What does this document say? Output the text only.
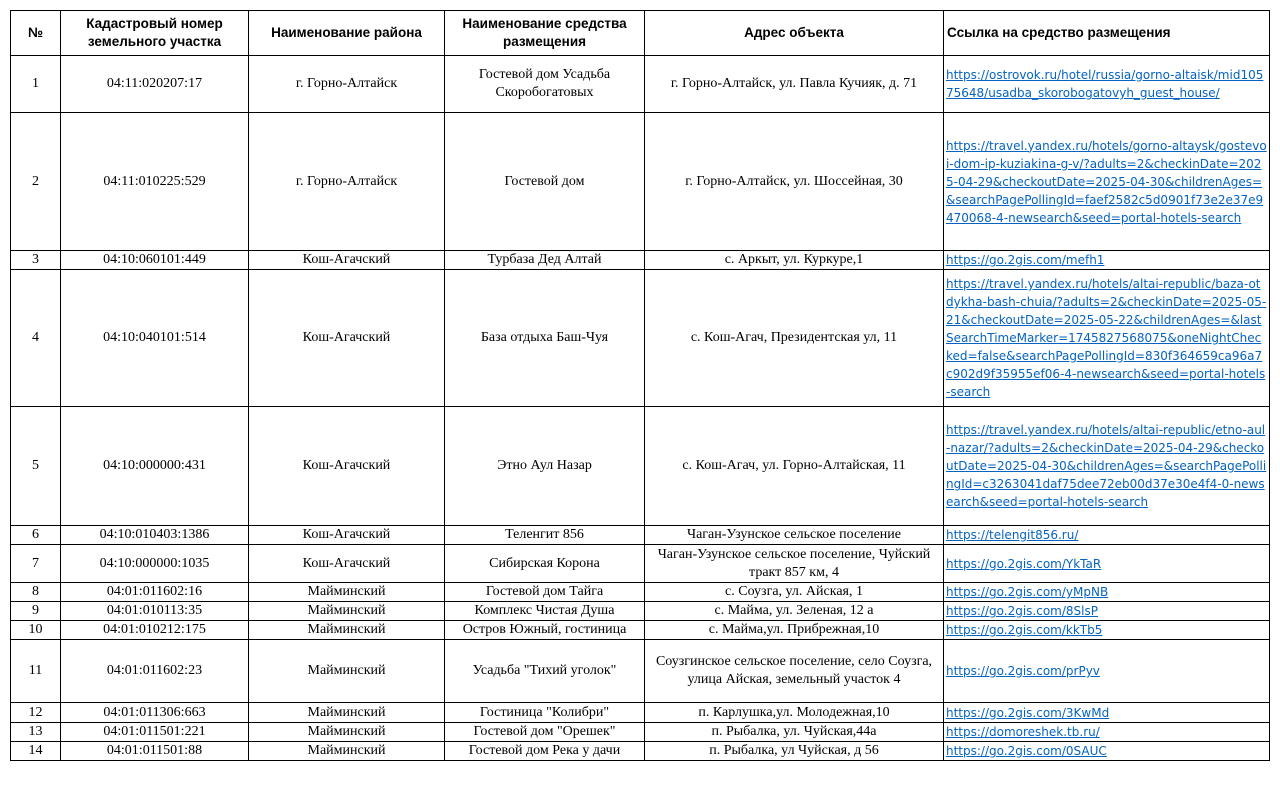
№	Кадастровый номер земельного участка	Наименование района	Наименование средства размещения	Адрес объекта	Ссылка на средство размещения
1	04:11:020207:17	г. Горно-Алтайск	Гостевой дом Усадьба Скоробогатовых	г. Горно-Алтайск, ул. Павла Кучияк, д. 71	https://ostrovok.ru/hotel/russia/gorno-altaisk/mid10575648/usadba_skorobogatovyh_guest_house/
2	04:11:010225:529	г. Горно-Алтайск	Гостевой дом	г. Горно-Алтайск, ул. Шоссейная, 30	https://travel.yandex.ru/hotels/gorno-altaysk/gostevoi-dom-ip-kuziakina-g-v/?adults=2&checkinDate=2025-04-29&checkoutDate=2025-04-30&childrenAges=&searchPagePollingId=faef2582c5d0901f73e2e37e9470068-4-newsearch&seed=portal-hotels-search
3	04:10:060101:449	Кош-Агачский	Турбаза Дед Алтай	с. Аркыт, ул. Куркуре,1	https://go.2gis.com/mefh1
4	04:10:040101:514	Кош-Агачский	База отдыха Баш-Чуя	с. Кош-Агач, Президентская ул, 11	https://travel.yandex.ru/hotels/altai-republic/baza-otdykha-bash-chuia/?adults=2&checkinDate=2025-05-21&checkoutDate=2025-05-22&childrenAges=&lastSearchTimeMarker=1745827568075&oneNightChecked=false&searchPagePollingId=830f364659ca96a7c902d9f35955ef06-4-newsearch&seed=portal-hotels-search
5	04:10:000000:431	Кош-Агачский	Этно Аул Назар	с. Кош-Агач, ул. Горно-Алтайская, 11	https://travel.yandex.ru/hotels/altai-republic/etno-aul-nazar/?adults=2&checkinDate=2025-04-29&checkoutDate=2025-04-30&childrenAges=&searchPagePollingId=c3263041daf75dee72eb00d37e30e4f4-0-newsearch&seed=portal-hotels-search
6	04:10:010403:1386	Кош-Агачский	Теленгит 856	Чаган-Узунское сельское поселение	https://telengit856.ru/
7	04:10:000000:1035	Кош-Агачский	Сибирская Корона	Чаган-Узунское сельское поселение, Чуйский тракт 857 км, 4	https://go.2gis.com/YkTaR
8	04:01:011602:16	Майминский	Гостевой дом Тайга	с. Соузга, ул. Айская, 1	https://go.2gis.com/yMpNB
9	04:01:010113:35	Майминский	Комплекс Чистая Душа	с. Майма, ул. Зеленая, 12 а	https://go.2gis.com/8SlsP
10	04:01:010212:175	Майминский	Остров Южный, гостиница	с. Майма,ул. Прибрежная,10	https://go.2gis.com/kkTb5
11	04:01:011602:23	Майминский	Усадьба "Тихий уголок"	Соузгинское сельское поселение, село Соузга, улица Айская, земельный участок 4	https://go.2gis.com/prPyv
12	04:01:011306:663	Майминский	Гостиница "Колибри"	п. Карлушка,ул. Молодежная,10	https://go.2gis.com/3KwMd
13	04:01:011501:221	Майминский	Гостевой дом "Орешек"	п. Рыбалка, ул. Чуйская,44а	https://domoreshek.tb.ru/
14	04:01:011501:88	Майминский	Гостевой дом Река у дачи	п. Рыбалка, ул Чуйская, д 56	https://go.2gis.com/0SAUC
